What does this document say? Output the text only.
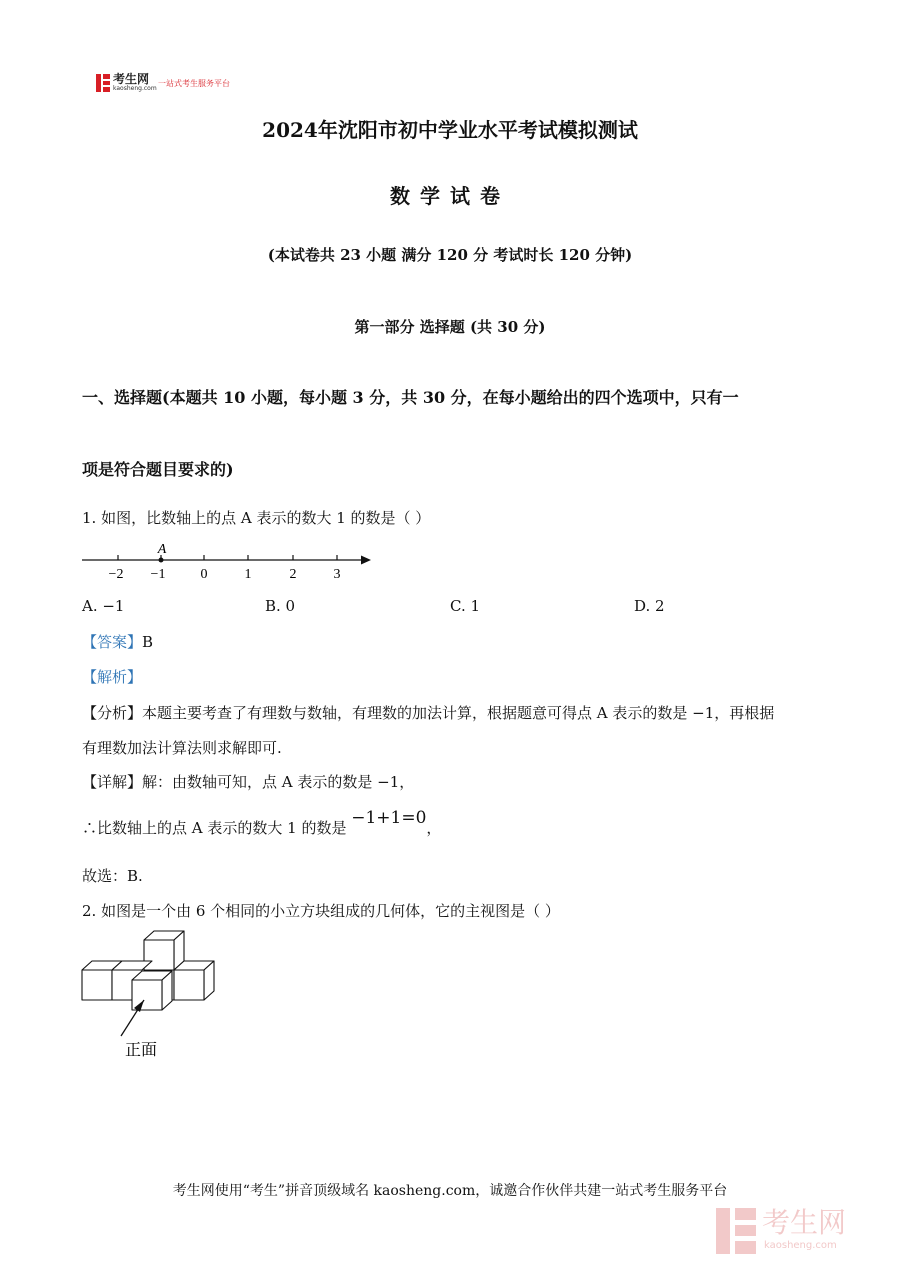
考生网
kaosheng.com
一站式考生服务平台
2024年沈阳市初中学业水平考试模拟测试
数学试卷
(本试卷共 23 小题 满分 120 分 考试时长 120 分钟)
第一部分 选择题 (共 30 分)
一、选择题(本题共 10 小题，每小题 3 分，共 30 分，在每小题给出的四个选项中，只有一
项是符合题目要求的)
1. 如图，比数轴上的点 A 表示的数大 1 的数是（ ）
A
−2 −1	0	1	2	3
A. −1	B. 0	C. 1	D. 2
【答案】B
【解析】
【分析】本题主要考查了有理数与数轴，有理数的加法计算，根据题意可得点 A 表示的数是 −1，再根据
有理数加法计算法则求解即可.
【详解】解：由数轴可知，点 A 表示的数是 −1，
∴比数轴上的点 A 表示的数大 1 的数是 −1+1=0，
故选：B.
2. 如图是一个由 6 个相同的小立方块组成的几何体，它的主视图是（ ）
正面
考生网使用“考生”拼音顶级域名 kaosheng.com，诚邀合作伙伴共建一站式考生服务平台
考生网
kaosheng.com
